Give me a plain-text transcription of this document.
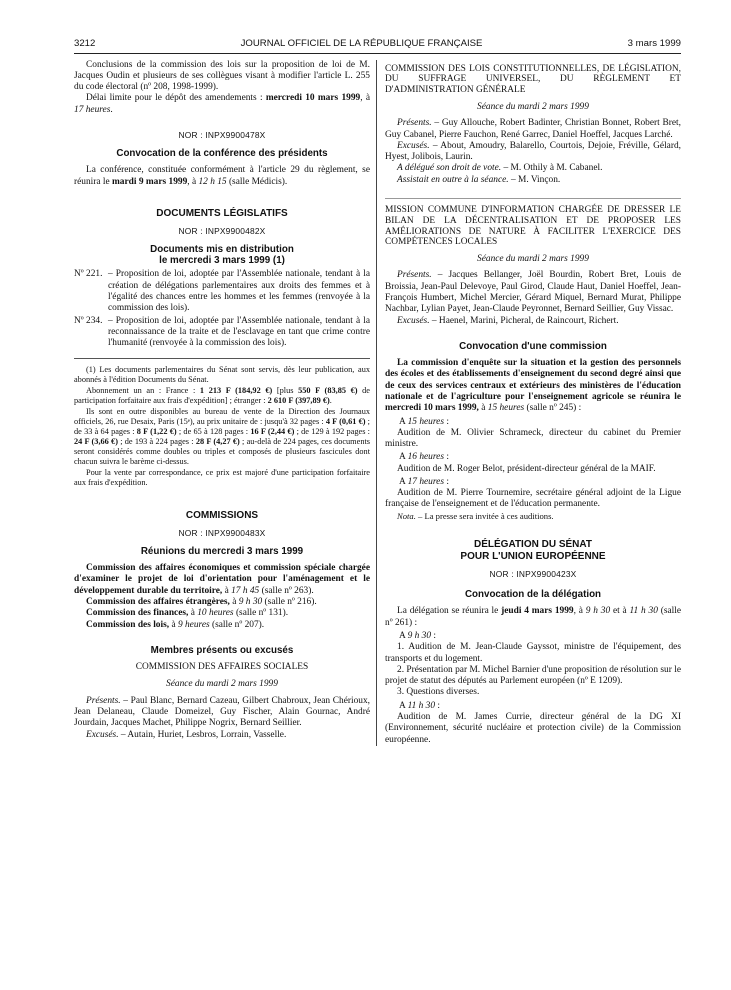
3212	JOURNAL OFFICIEL DE LA RÉPUBLIQUE FRANÇAISE	3 mars 1999

Conclusions de la commission des lois sur la proposition de loi de M. Jacques Oudin et plusieurs de ses collègues visant à modifier l'article L. 255 du code électoral (nº 208, 1998-1999).

Délai limite pour le dépôt des amendements : mercredi 10 mars 1999, à 17 heures.

NOR : INPX9900478X
Convocation de la conférence des présidents

La conférence, constituée conformément à l'article 29 du règlement, se réunira le mardi 9 mars 1999, à 12 h 15 (salle Médicis).

DOCUMENTS LÉGISLATIFS
NOR : INPX9900482X
Documents mis en distribution
le mercredi 3 mars 1999 (1)
Nº 221. – Proposition de loi, adoptée par l'Assemblée nationale, tendant à la création de délégations parlementaires aux droits des femmes et à l'égalité des chances entre les hommes et les femmes (renvoyée à la commission des lois).
Nº 234. – Proposition de loi, adoptée par l'Assemblée nationale, tendant à la reconnaissance de la traite et de l'esclavage en tant que crime contre l'humanité (renvoyée à la commission des lois).

(1) Les documents parlementaires du Sénat sont servis, dès leur publication, aux abonnés à l'édition Documents du Sénat.

Abonnement un an : France : 1 213 F (184,92 €) [plus 550 F (83,85 €) de participation forfaitaire aux frais d'expédition] ; étranger : 2 610 F (397,89 €).

Ils sont en outre disponibles au bureau de vente de la Direction des Journaux officiels, 26, rue Desaix, Paris (15ᵉ), au prix unitaire de : jusqu'à 32 pages : 4 F (0,61 €) ; de 33 à 64 pages : 8 F (1,22 €) ; de 65 à 128 pages : 16 F (2,44 €) ; de 129 à 192 pages : 24 F (3,66 €) ; de 193 à 224 pages : 28 F (4,27 €) ; au-delà de 224 pages, ces documents seront considérés comme doubles ou triples et composés de plusieurs fascicules dont chacun suivra le barème ci-dessus.

Pour la vente par correspondance, ce prix est majoré d'une participation forfaitaire aux frais d'expédition.

COMMISSIONS
NOR : INPX9900483X
Réunions du mercredi 3 mars 1999

Commission des affaires économiques et commission spéciale chargée d'examiner le projet de loi d'orientation pour l'aménagement et le développement durable du territoire, à 17 h 45 (salle nº 263).

Commission des affaires étrangères, à 9 h 30 (salle nº 216).

Commission des finances, à 10 heures (salle nº 131).

Commission des lois, à 9 heures (salle nº 207).

Membres présents ou excusés
COMMISSION DES AFFAIRES SOCIALES
Séance du mardi 2 mars 1999

Présents. – Paul Blanc, Bernard Cazeau, Gilbert Chabroux, Jean Chérioux, Jean Delaneau, Claude Domeizel, Guy Fischer, Alain Gournac, André Jourdain, Jacques Machet, Philippe Nogrix, Bernard Seillier.

Excusés. – Autain, Huriet, Lesbros, Lorrain, Vasselle.

COMMISSION DES LOIS CONSTITUTIONNELLES, DE LÉGISLATION, DU SUFFRAGE UNIVERSEL, DU RÈGLEMENT ET D'ADMINISTRATION GÉNÉRALE

Séance du mardi 2 mars 1999

Présents. – Guy Allouche, Robert Badinter, Christian Bonnet, Robert Bret, Guy Cabanel, Pierre Fauchon, René Garrec, Daniel Hoeffel, Jacques Larché.

Excusés. – About, Amoudry, Balarello, Courtois, Dejoie, Fréville, Gélard, Hyest, Jolibois, Laurin.

A délégué son droit de vote. – M. Othily à M. Cabanel.

Assistait en outre à la séance. – M. Vinçon.

MISSION COMMUNE D'INFORMATION CHARGÉE DE DRESSER LE BILAN DE LA DÉCENTRALISATION ET DE PROPOSER LES AMÉLIORATIONS DE NATURE À FACILITER L'EXERCICE DES COMPÉTENCES LOCALES

Séance du mardi 2 mars 1999

Présents. – Jacques Bellanger, Joël Bourdin, Robert Bret, Louis de Broissia, Jean-Paul Delevoye, Paul Girod, Claude Haut, Daniel Hoeffel, Jean-François Humbert, Michel Mercier, Gérard Miquel, Bernard Murat, Philippe Nachbar, Lylian Payet, Jean-Claude Peyronnet, Bernard Seillier, Guy Vissac.

Excusés. – Haenel, Marini, Picheral, de Raincourt, Richert.

Convocation d'une commission

La commission d'enquête sur la situation et la gestion des personnels des écoles et des établissements d'enseignement du second degré ainsi que de ceux des services centraux et extérieurs des ministères de l'éducation nationale et de l'agriculture pour l'enseignement agricole se réunira le mercredi 10 mars 1999, à 15 heures (salle nº 245) :

A 15 heures :

Audition de M. Olivier Schrameck, directeur du cabinet du Premier ministre.

A 16 heures :

Audition de M. Roger Belot, président-directeur général de la MAIF.

A 17 heures :

Audition de M. Pierre Tournemire, secrétaire général adjoint de la Ligue française de l'enseignement et de l'éducation permanente.

Nota. – La presse sera invitée à ces auditions.

DÉLÉGATION DU SÉNAT
POUR L'UNION EUROPÉENNE
NOR : INPX9900423X
Convocation de la délégation

La délégation se réunira le jeudi 4 mars 1999, à 9 h 30 et à 11 h 30 (salle nº 261) :

A 9 h 30 :

1. Audition de M. Jean-Claude Gayssot, ministre de l'équipement, des transports et du logement.

2. Présentation par M. Michel Barnier d'une proposition de résolution sur le projet de statut des députés au Parlement européen (nº E 1209).

3. Questions diverses.

A 11 h 30 :

Audition de M. James Currie, directeur général de la DG XI (Environnement, sécurité nucléaire et protection civile) de la Commission européenne.
